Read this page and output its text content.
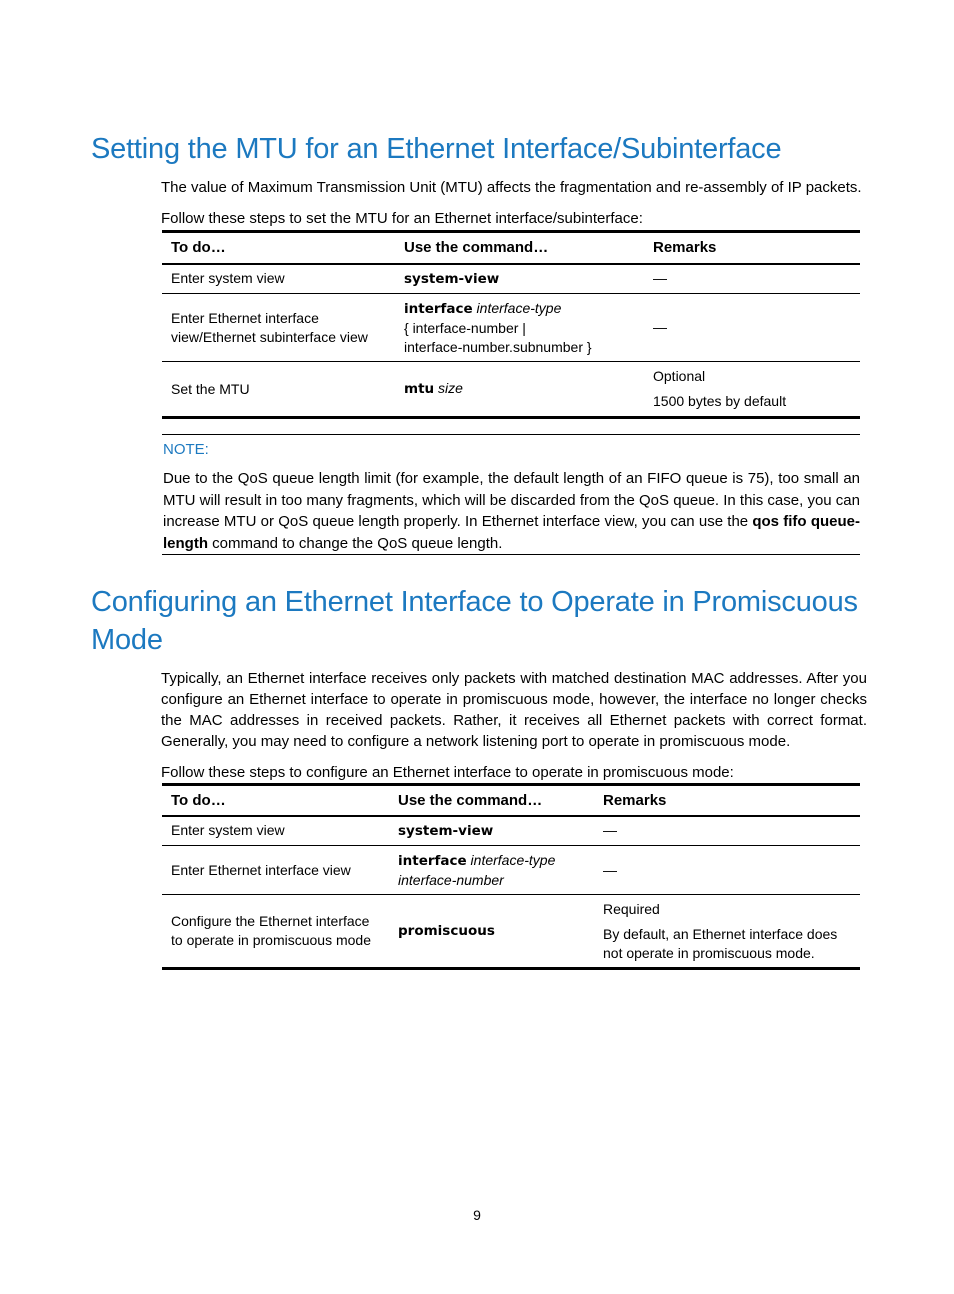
Setting the MTU for an Ethernet Interface/Subinterface

The value of Maximum Transmission Unit (MTU) affects the fragmentation and re-assembly of IP packets.

Follow these steps to set the MTU for an Ethernet interface/subinterface:

To do…	Use the command…	Remarks
Enter system view	system-view	—
Enter Ethernet interface view/Ethernet subinterface view	interface interface-type
{ interface-number |
interface-number.subnumber }	—
Set the MTU	mtu size	Optional
1500 bytes by default
NOTE:
Due to the QoS queue length limit (for example, the default length of an FIFO queue is 75), too small an MTU will result in too many fragments, which will be discarded from the QoS queue. In this case, you can increase MTU or QoS queue length properly. In Ethernet interface view, you can use the qos fifo queue-length command to change the QoS queue length.
Configuring an Ethernet Interface to Operate in Promiscuous Mode

Typically, an Ethernet interface receives only packets with matched destination MAC addresses. After you configure an Ethernet interface to operate in promiscuous mode, however, the interface no longer checks the MAC addresses in received packets. Rather, it receives all Ethernet packets with correct format. Generally, you may need to configure a network listening port to operate in promiscuous mode.

Follow these steps to configure an Ethernet interface to operate in promiscuous mode:

To do…	Use the command…	Remarks
Enter system view	system-view	—
Enter Ethernet interface view	interface interface-type
interface-number	—
Configure the Ethernet interface to operate in promiscuous mode	promiscuous	Required
By default, an Ethernet interface does not operate in promiscuous mode.
9
